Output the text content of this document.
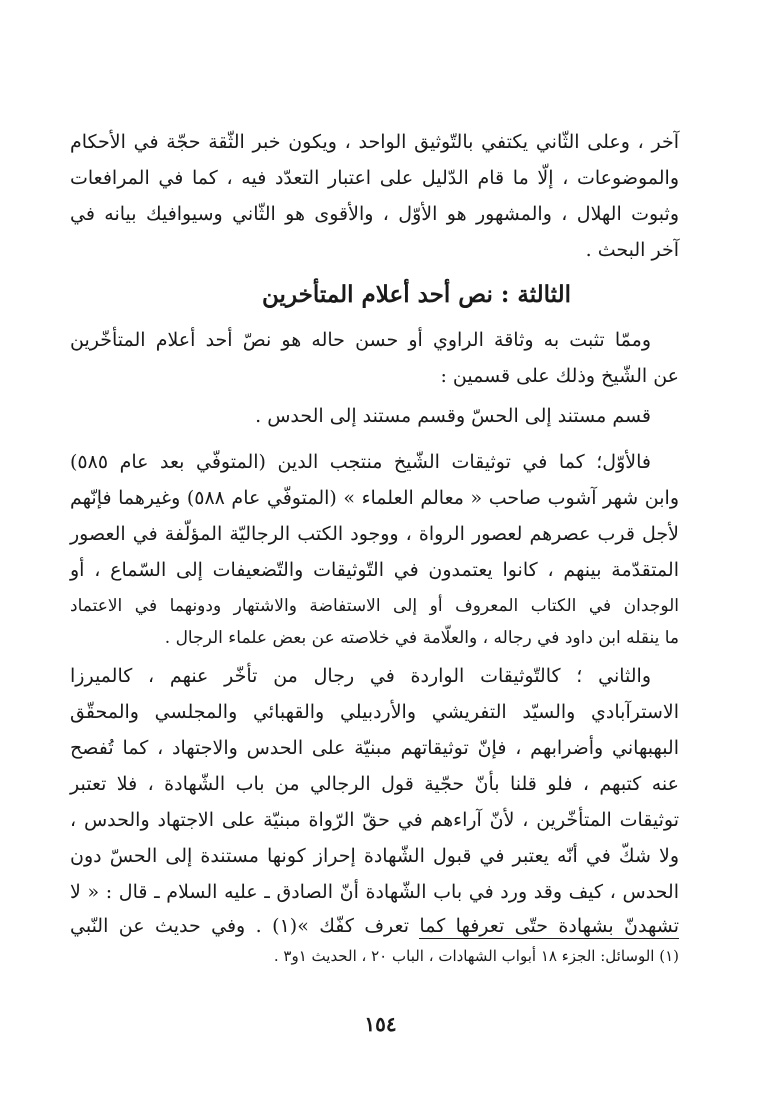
آخر ، وعلى الثّاني يكتفي بالتّوثيق الواحد ، ويكون خبر الثّقة حجّة في الأحكام
والموضوعات ، إلّا ما قام الدّليل على اعتبار التعدّد فيه ، كما في المرافعات
وثبوت الهلال ، والمشهور هو الأوّل ، والأقوى هو الثّاني وسيوافيك بيانه في
آخر البحث .
الثالثة : نص أحد أعلام المتأخرين
وممّا تثبت به وثاقة الراوي أو حسن حاله هو نصّ أحد أعلام المتأخّرين
عن الشّيخ وذلك على قسمين :
قسم مستند إلى الحسّ وقسم مستند إلى الحدس .
فالأوّل؛ كما في توثيقات الشّيخ منتجب الدين (المتوفّي بعد عام ٥٨٥)
وابن شهر آشوب صاحب « معالم العلماء » (المتوفّي عام ٥٨٨) وغيرهما فإنّهم
لأجل قرب عصرهم لعصور الرواة ، ووجود الكتب الرجاليّة المؤلّفة في العصور
المتقدّمة بينهم ، كانوا يعتمدون في التّوثيقات والتّضعيفات إلى السّماع ، أو
الوجدان في الكتاب المعروف أو إلى الاستفاضة والاشتهار ودونهما في الاعتماد
ما ينقله ابن داود في رجاله ، والعلّامة في خلاصته عن بعض علماء الرجال .
والثاني ؛ كالتّوثيقات الواردة في رجال من تأخّر عنهم ، كالميرزا
الاسترآبادي والسيّد التفريشي والأردبيلي والقهبائي والمجلسي والمحقّق
البهبهاني وأضرابهم ، فإنّ توثيقاتهم مبنيّة على الحدس والاجتهاد ، كما تُفصح
عنه كتبهم ، فلو قلنا بأنّ حجّية قول الرجالي من باب الشّهادة ، فلا تعتبر
توثيقات المتأخّرين ، لأنّ آراءهم في حقّ الرّواة مبنيّة على الاجتهاد والحدس ،
ولا شكّ في أنّه يعتبر في قبول الشّهادة إحراز كونها مستندة إلى الحسّ دون
الحدس ، كيف وقد ورد في باب الشّهادة أنّ الصادق ـ عليه السلام ـ قال : « لا
تشهدنّ بشهادة حتّى تعرفها كما تعرف كفّك »(١) . وفي حديث عن النّبي
(١) الوسائل: الجزء ١٨ أبواب الشهادات ، الباب ٢٠ ، الحديث ١و٣ .
١٥٤
